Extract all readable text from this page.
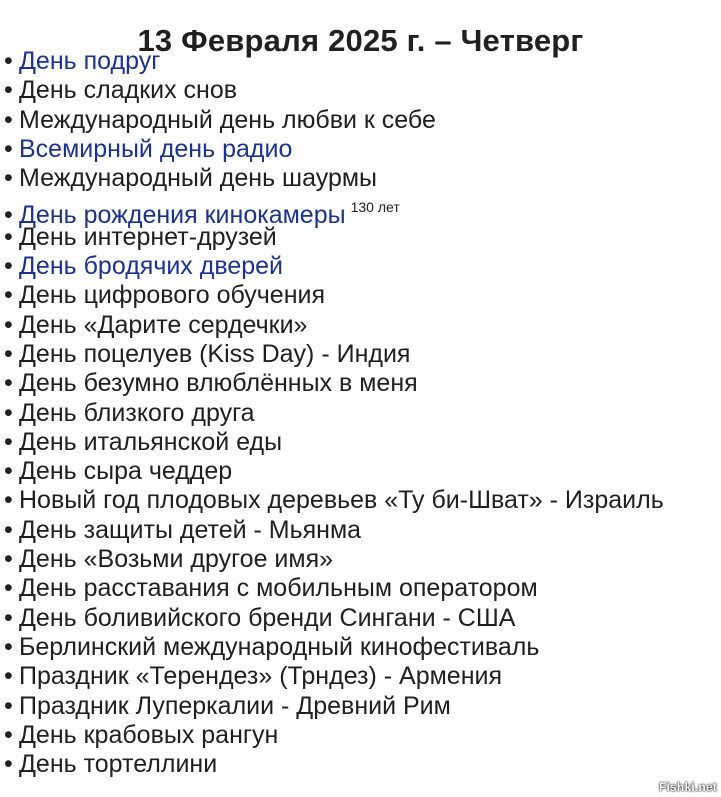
13 Февраля 2025 г. – Четверг
• День подруг
• День сладких снов
• Международный день любви к себе
• Всемирный день радио
• Международный день шаурмы
• День рождения кинокамеры $^{130 лет}$
• День интернет-друзей
• День бродячих дверей
• День цифрового обучения
• День «Дарите сердечки»
• День поцелуев (Kiss Day) - Индия
• День безумно влюблённых в меня
• День близкого друга
• День итальянской еды
• День сыра чеддер
• Новый год плодовых деревьев «Ту би-Шват» - Израиль
• День защиты детей - Мьянма
• День «Возьми другое имя»
• День расставания с мобильным оператором
• День боливийского бренди Сингани - США
• Берлинский международный кинофестиваль
• Праздник «Терендез» (Трндез) - Армения
• Праздник Луперкалии - Древний Рим
• День крабовых рангун
• День тортеллини
Fishki.net
